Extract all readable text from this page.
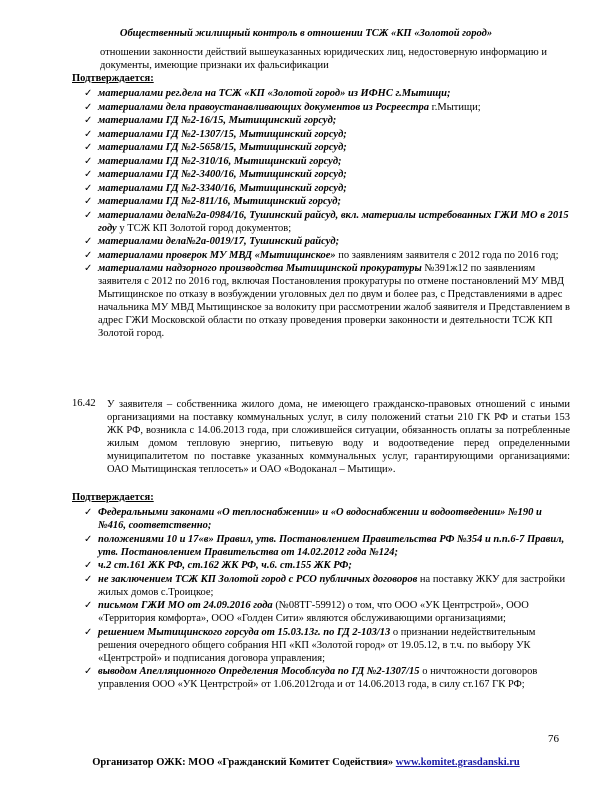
Общественный жилищный контроль в отношении ТСЖ «КП «Золотой город»

отношении законности действий вышеуказанных юридических лиц, недостоверную информацию и документы, имеющие признаки их фальсификации

Подтверждается:
✓ материалами рег.дела на ТСЖ «КП «Золотой город» из ИФНС г.Мытищи;
✓ материалами дела правоустанавливающих документов из Росреестра г.Мытищи;
✓ материалами ГД №2-16/15, Мытищинский горсуд;
✓ материалами ГД №2-1307/15, Мытищинский горсуд;
✓ материалами ГД №2-5658/15, Мытищинский горсуд;
✓ материалами ГД №2-310/16, Мытищинский горсуд;
✓ материалами ГД №2-3400/16, Мытищинский горсуд;
✓ материалами ГД №2-3340/16, Мытищинский горсуд;
✓ материалами ГД №2-811/16, Мытищинский горсуд;
✓ материалами дела№2а-0984/16, Тушинский райсуд, вкл. материалы истребованных ГЖИ МО в 2015 году у ТСЖ КП Золотой город документов;
✓ материалами дела№2а-0019/17, Тушинский райсуд;
✓ материалами проверок МУ МВД «Мытищинское» по заявлениям заявителя с 2012 года по 2016 год;
✓ материалами надзорного производства Мытищинской прокуратуры №391ж12 по заявлениям заявителя с 2012 по 2016 год, включая Постановления прокуратуры по отмене постановлений МУ МВД Мытищинское по отказу в возбуждении уголовных дел по двум и более раз, с Представлениями в адрес начальника МУ МВД Мытищинское за волокиту при рассмотрении жалоб заявителя и Представлением в адрес ГЖИ Московской области по отказу проведения проверки законности и деятельности ТСЖ КП Золотой город.
16.42 У заявителя – собственника жилого дома, не имеющего гражданско-правовых отношений с иными организациями на поставку коммунальных услуг, в силу положений статьи 210 ГК РФ и статьи 153 ЖК РФ, возникла с 14.06.2013 года, при сложившейся ситуации, обязанность оплаты за потребленные жилым домом тепловую энергию, питьевую воду и водоотведение перед определенными муниципалитетом по поставке указанных коммунальных услуг, гарантирующими организациями: ОАО Мытищинская теплосеть» и ОАО «Водоканал – Мытищи».

Подтверждается:
✓ Федеральными законами «О теплоснабжении» и «О водоснабжении и водоотведении» №190 и №416, соответственно;
✓ положениями 10 и 17«в» Правил, утв. Постановлением Правительства РФ №354 и п.п.6-7 Правил, утв. Постановлением Правительства от 14.02.2012 года №124;
✓ ч.2 ст.161 ЖК РФ, ст.162 ЖК РФ, ч.6. ст.155 ЖК РФ;
✓ не заключением ТСЖ КП Золотой город с РСО публичных договоров на поставку ЖКУ для застройки жилых домов с.Троицкое;
✓ письмом ГЖИ МО от 24.09.2016 года (№08ТГ-59912) о том, что ООО «УК Центрстрой», ООО «Территория комфорта», ООО «Голден Сити» являются обслуживающими организациями;
✓ решением Мытищинского горсуда от 15.03.13г. по ГД 2-103/13 о признании недействительным решения очередного общего собрания НП «КП «Золотой город» от 19.05.12, в т.ч. по выбору УК «Центрстрой» и подписания договора управления;
✓ выводом Апелляционного Определения Мособлсуда по ГД №2-1307/15 о ничтожности договоров управления ООО «УК Центрстрой» от 1.06.2012года и от 14.06.2013 года, в силу ст.167 ГК РФ;
76
Организатор ОЖК: МОО «Гражданский Комитет Содействия» www.komitet.grasdanski.ru
